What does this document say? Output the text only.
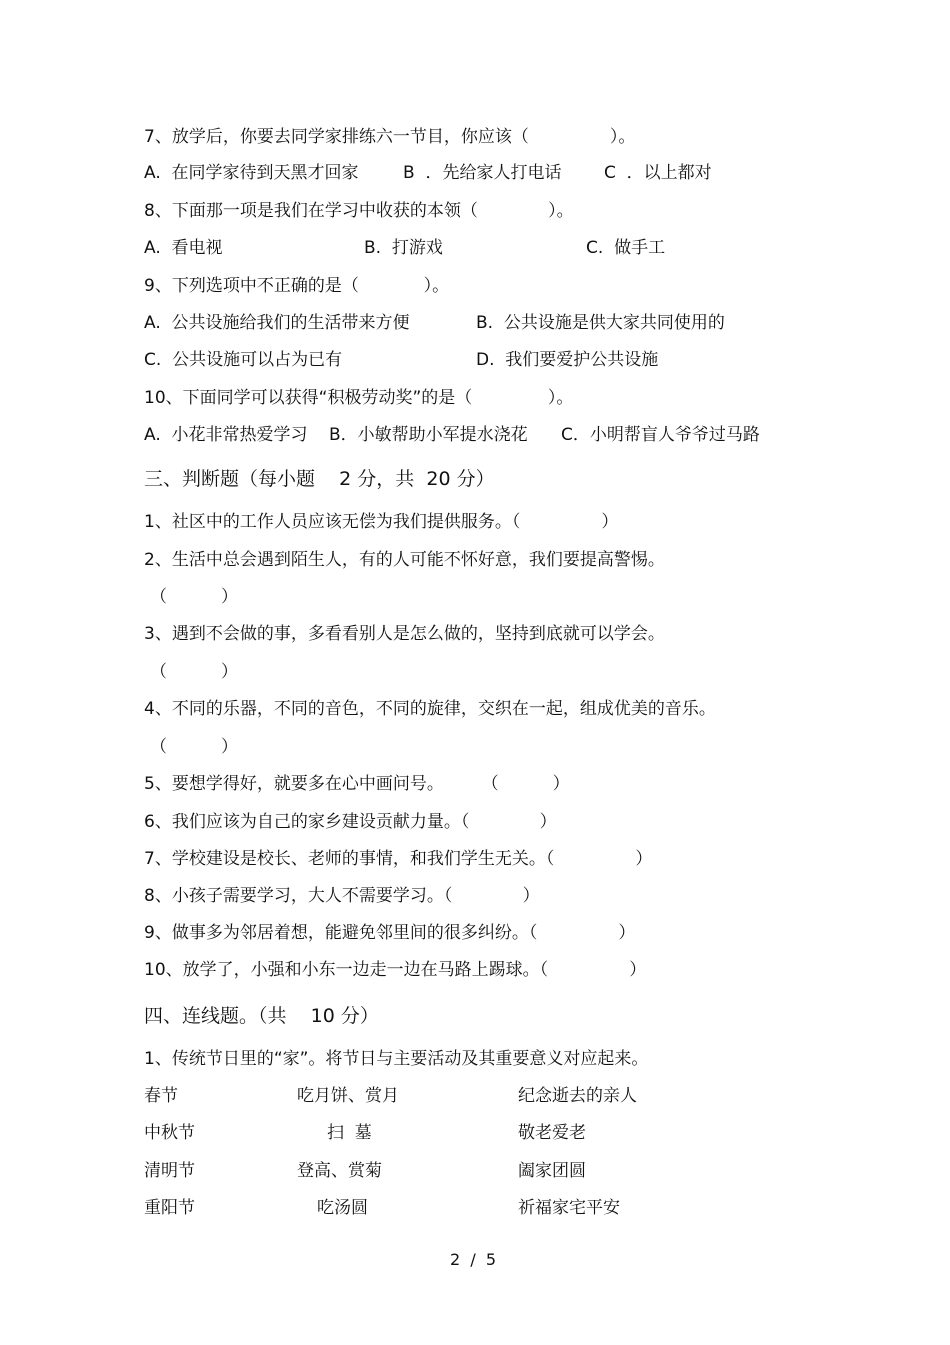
7、放学后，你要去同学家排练六一节目，你应该（               ）。
A.  在同学家待到天黑才回家	B  ．先给家人打电话	C  ．以上都对
8、下面那一项是我们在学习中收获的本领（             ）。
A.  看电视	B.  打游戏	C.  做手工
9、下列选项中不正确的是（            ）。
A.  公共设施给我们的生活带来方便	B.  公共设施是供大家共同使用的
C.  公共设施可以占为已有	D.  我们要爱护公共设施
10、下面同学可以获得“积极劳动奖”的是（              ）。
A.  小花非常热爱学习 B．小敏帮助小军提水浇花 C．小明帮盲人爷爷过马路
三、判断题（每小题    2 分，共  20 分）
1、社区中的工作人员应该无偿为我们提供服务。（               ）
2、生活中总会遇到陌生人，有的人可能不怀好意，我们要提高警惕。
（          ）
3、遇到不会做的事，多看看别人是怎么做的，坚持到底就可以学会。
（          ）
4、不同的乐器，不同的音色，不同的旋律，交织在一起，组成优美的音乐。
（          ）
5、要想学得好，就要多在心中画问号。       （          ）
6、我们应该为自己的家乡建设贡献力量。（             ）
7、学校建设是校长、老师的事情，和我们学生无关。（               ）
8、小孩子需要学习，大人不需要学习。（             ）
9、做事多为邻居着想，能避免邻里间的很多纠纷。（               ）
10、放学了，小强和小东一边走一边在马路上踢球。（               ）
四、连线题。（共    10 分）
1、传统节日里的“家”。将节日与主要活动及其重要意义对应起来。
春节	吃月饼、赏月	纪念逝去的亲人
中秋节	扫  墓	敬老爱老
清明节	登高、赏菊	阖家团圆
重阳节	吃汤圆	祈福家宅平安
2  /  5
